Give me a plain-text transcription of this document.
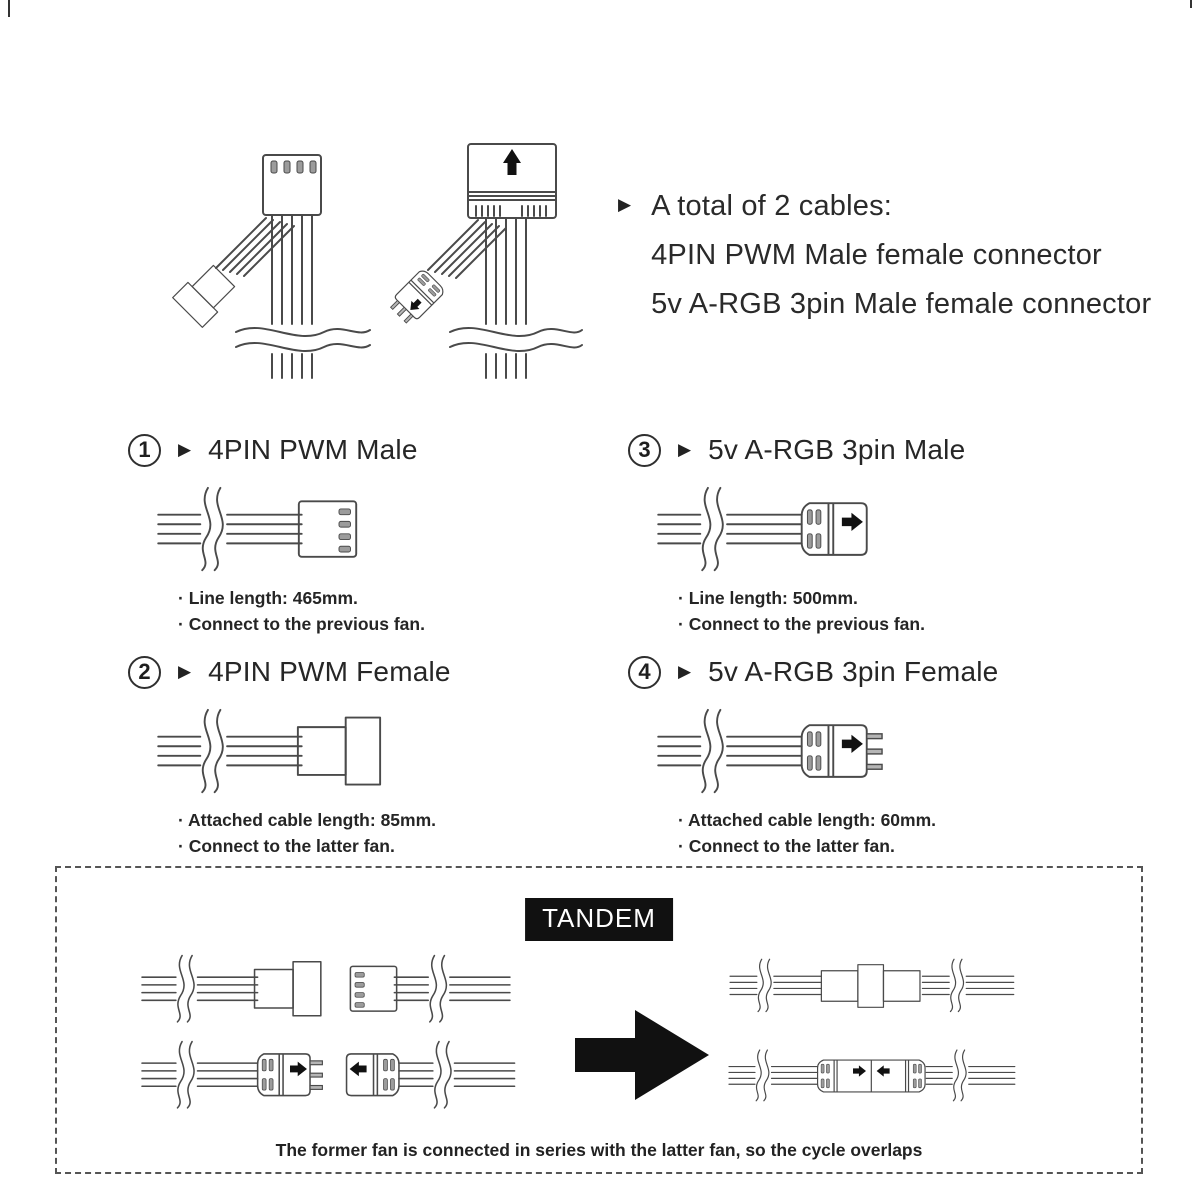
▶ A total of 2 cables:
4PIN PWM Male female connector
5v A-RGB 3pin Male female connector
1	▶ 4PIN PWM Male
· Line length: 465mm.
· Connect to the previous fan.
3	▶ 5v A-RGB 3pin Male
· Line length: 500mm.
· Connect to the previous fan.
2	▶ 4PIN PWM Female
· Attached cable length: 85mm.
· Connect to the latter fan.
4	▶ 5v A-RGB 3pin Female
· Attached cable length: 60mm.
· Connect to the latter fan.
TANDEM
The former fan is connected in series with the latter fan, so the cycle overlaps
